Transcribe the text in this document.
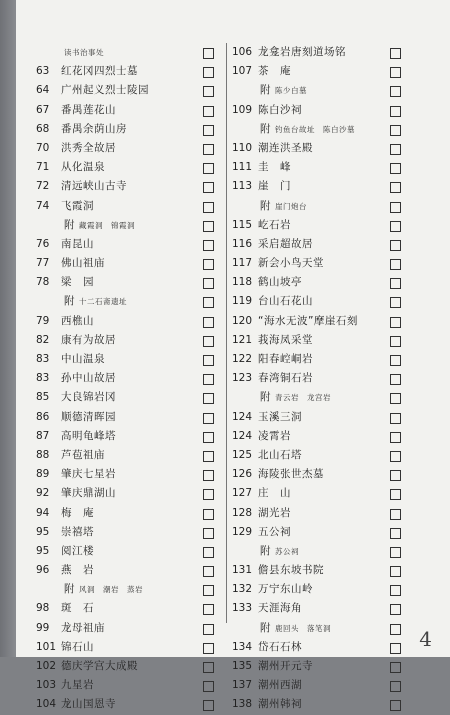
读书治事处
63	红花冈四烈士墓
64	广州起义烈士陵园
67	番禺莲花山
68	番禺余荫山房
70	洪秀全故居
71	从化温泉
72	清远峡山古寺
74	飞霞洞
附 藏霞洞　锦霞洞
76	南昆山
77	佛山祖庙
78	梁　园
附 十二石斋遗址
79	西樵山
82	康有为故居
83	中山温泉
83	孙中山故居
85	大良锦岩冈
86	顺德清晖园
87	高明龟峰塔
88	芦苞祖庙
89	肇庆七星岩
92	肇庆鼎湖山
94	梅　庵
95	崇禧塔
95	阅江楼
96	燕　岩
附 风洞　潮岩　蒸岩
98	斑　石
99	龙母祖庙
101 锦石山
102 德庆学宫大成殿
103 九星岩
104 龙山国恩寺
106 龙龛岩唐刻道场铭
107 茶　庵
附 陈少白墓
109 陈白沙祠
附 钓鱼台故址　陈白沙墓
110 潮连洪圣殿
111 圭　峰
113 崖　门
附 崖门炮台
115 屹石岩
116 采启超故居
117 新会小鸟天堂
118 鹤山坡亭
119 台山石花山
120 “海水无波”摩崖石刻
121 莪海凤采堂
122 阳春崆峒岩
123 春湾铜石岩
附 青云岩　龙宫岩
124 玉溪三洞
124 凌霄岩
125 北山石塔
126 海陵张世杰墓
127 庄　山
128 湖光岩
129 五公祠
附 苏公祠
131 儋县东坡书院
132 万宁东山岭
133 天涯海角
附 鹿回头　落笔洞
134 岱石石林
135 潮州开元寺
137 潮州西湖
138 潮州韩祠
4
